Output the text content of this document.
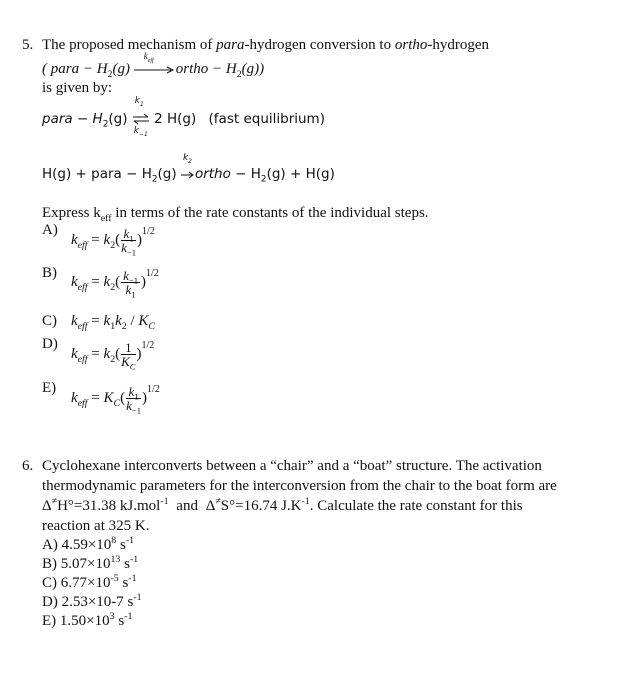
5. The proposed mechanism of para-hydrogen conversion to ortho-hydrogen
( para − $H_2(g)$
$k_{eff}$
ortho − $H_2(g)$)
is given by:
para − $H_2(g)$
$k_1$
$k_{-1}$
2 H(g) (fast equilibrium)
H(g) + para − $H_2(g)$
$k_2$
ortho − $H_2(g) + H(g)$
Express $k_{eff}$ in terms of the rate constants of the individual steps.
A)
$k_{eff} = k_2( \frac{k_1}{k_{-1}} )^{1/2}$
B)
$k_{eff} = k_2( \frac{k_{-1}}{k_1} )^{1/2}$
C) $k_{eff} = k_1k_2 / K_C$
D)
$k_{eff} = k_2( \frac{1}{K_C} )^{1/2}$
E)
$k_{eff} = K_C( \frac{k_1}{k_{-1}} )^{1/2}$
6. Cyclohexane interconverts between a “chair” and a “boat” structure. The activation
thermodynamic parameters for the interconversion from the chair to the boat form are
Δ≠H°=31.38 kJ.mol$^{-1}$ and Δ≠S°=16.74 $J.K^{-1}$. Calculate the rate constant for this
reaction at 325 K.
A) $4.59\times 10^8$ $s^{-1}$
B) $5.07\times 10^{13}$ $s^{-1}$
C) $6.77\times 10^{-5}$ $s^{-1}$
D) 2.53×10-7 $s^{-1}$
E) $1.50\times 10^3$ $s^{-1}$
